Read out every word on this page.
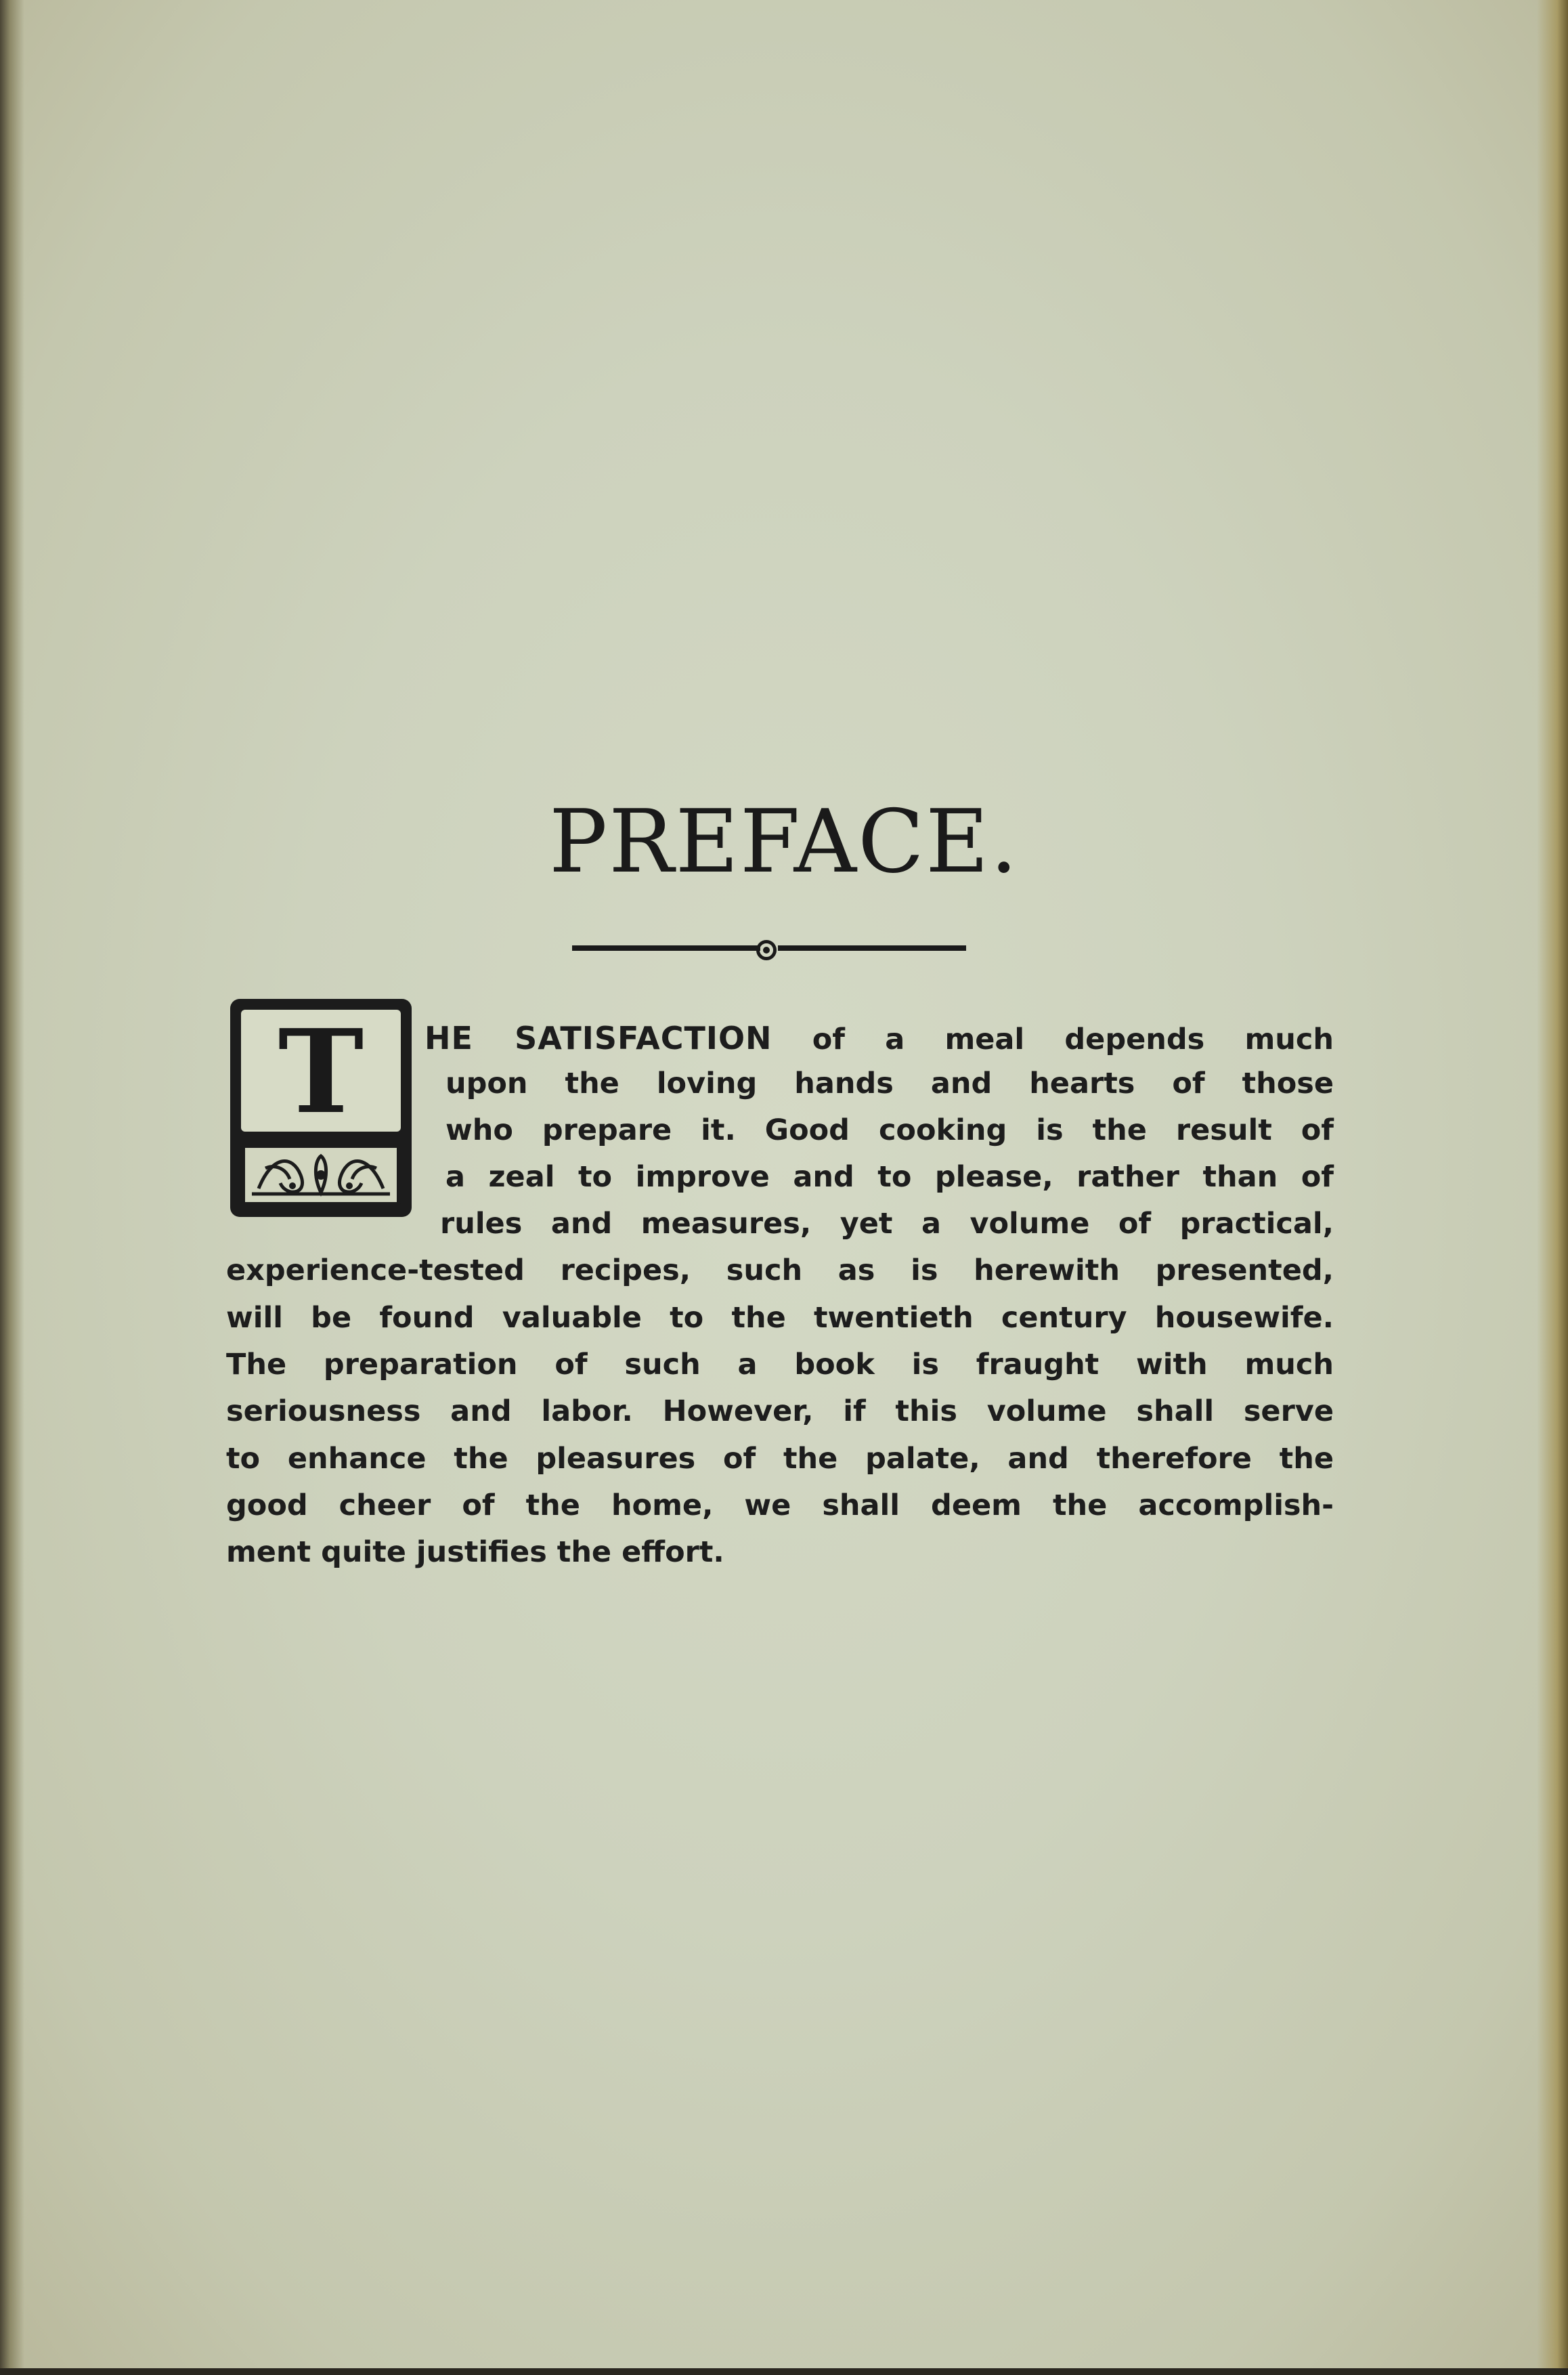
PREFACE.
T	HE SATISFACTION of a meal depends much
upon the loving hands and hearts of those
who prepare it. Good cooking is the result of
a zeal to improve and to please, rather than of
rules and measures, yet a volume of practical,
experience-tested recipes, such as is herewith presented,
will be found valuable to the twentieth century housewife.
The preparation of such a book is fraught with much
seriousness and labor. However, if this volume shall serve
to enhance the pleasures of the palate, and therefore the
good cheer of the home, we shall deem the accomplish-
ment quite justifies the effort.
